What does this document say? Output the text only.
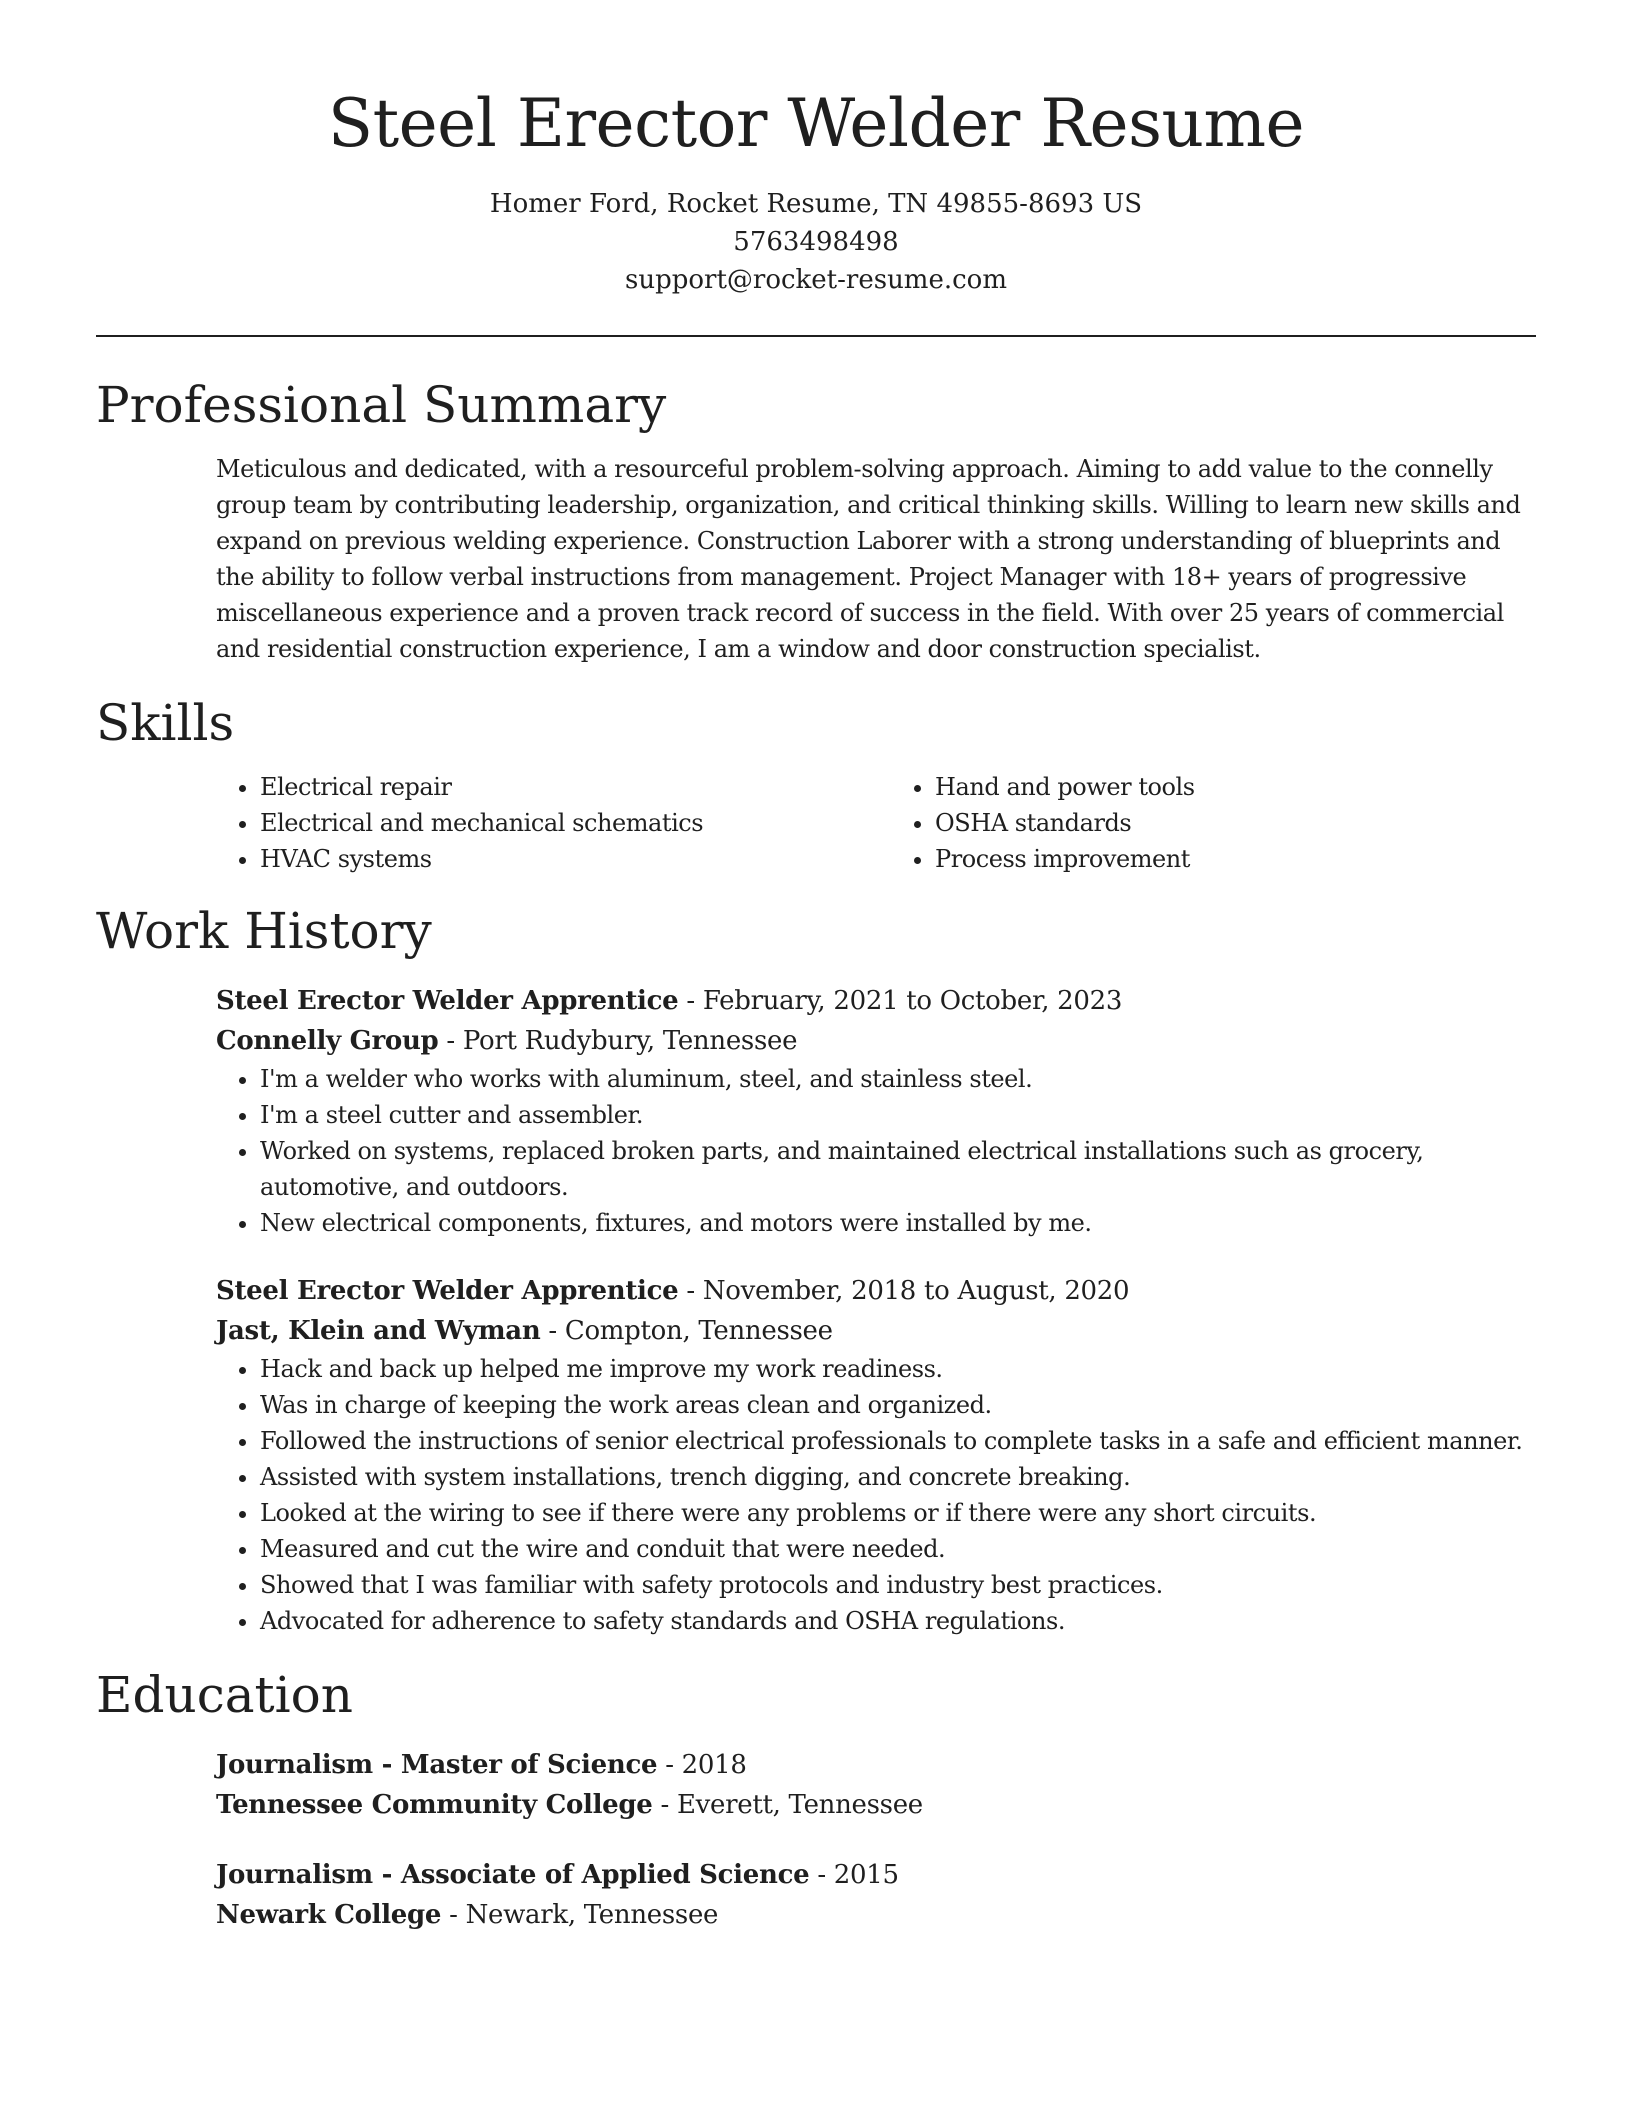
Steel Erector Welder Resume
Homer Ford, Rocket Resume, TN 49855-8693 US
5763498498
support@rocket-resume.com
Professional Summary
Meticulous and dedicated, with a resourceful problem-solving approach. Aiming to add value to the connelly group team by contributing leadership, organization, and critical thinking skills. Willing to learn new skills and expand on previous welding experience. Construction Laborer with a strong understanding of blueprints and the ability to follow verbal instructions from management. Project Manager with 18+ years of progressive miscellaneous experience and a proven track record of success in the field. With over 25 years of commercial and residential construction experience, I am a window and door construction specialist.
Skills
• Electrical repair
• Electrical and mechanical schematics
• HVAC systems
• Hand and power tools
• OSHA standards
• Process improvement
Work History
Steel Erector Welder Apprentice - February, 2021 to October, 2023
Connelly Group - Port Rudybury, Tennessee
• I'm a welder who works with aluminum, steel, and stainless steel.
• I'm a steel cutter and assembler.
• Worked on systems, replaced broken parts, and maintained electrical installations such as grocery, automotive, and outdoors.
• New electrical components, fixtures, and motors were installed by me.
Steel Erector Welder Apprentice - November, 2018 to August, 2020
Jast, Klein and Wyman - Compton, Tennessee
• Hack and back up helped me improve my work readiness.
• Was in charge of keeping the work areas clean and organized.
• Followed the instructions of senior electrical professionals to complete tasks in a safe and efficient manner.
• Assisted with system installations, trench digging, and concrete breaking.
• Looked at the wiring to see if there were any problems or if there were any short circuits.
• Measured and cut the wire and conduit that were needed.
• Showed that I was familiar with safety protocols and industry best practices.
• Advocated for adherence to safety standards and OSHA regulations.
Education
Journalism - Master of Science - 2018
Tennessee Community College - Everett, Tennessee
Journalism - Associate of Applied Science - 2015
Newark College - Newark, Tennessee
